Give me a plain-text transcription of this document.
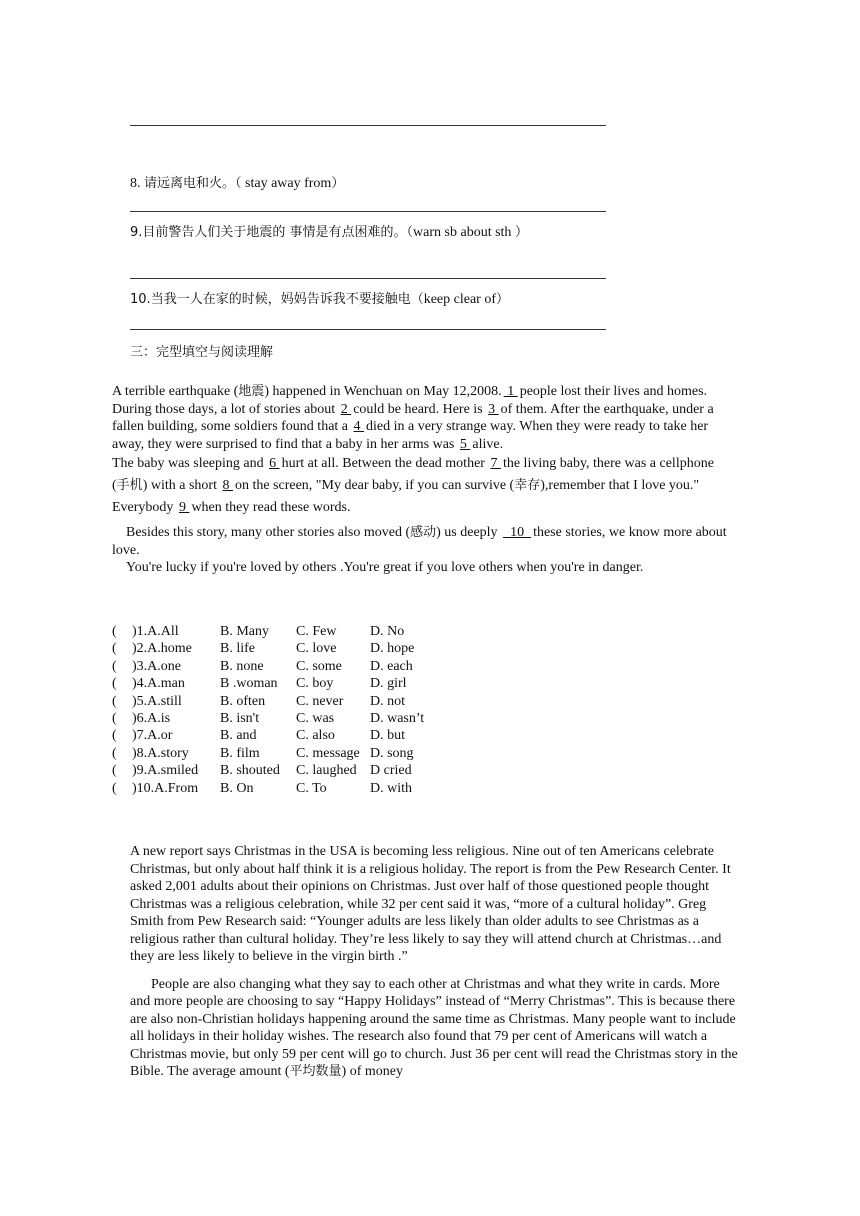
8. 请远离电和火。（ stay away from）
9.目前警告人们关于地震的 事情是有点困难的。（warn sb about sth ）
10.当我一人在家的时候，妈妈告诉我不要接触电（keep clear of）
三：完型填空与阅读理解

A terrible earthquake (地震) happened in Wenchuan on May 12,2008. 1 people lost their lives and homes. During those days, a lot of stories about 2 could be heard. Here is 3 of them. After the earthquake, under a fallen building, some soldiers found that a 4 died in a very strange way. When they were ready to take her away, they were surprised to find that a baby in her arms was 5 alive.

The baby was sleeping and 6 hurt at all. Between the dead mother 7 the living baby, there was a cellphone (手机) with a short 8 on the screen, "My dear baby, if you can survive (幸存),remember that I love you." Everybody 9 when they read these words.

Besides this story, many other stories also moved (感动) us deeply   10  these stories, we know more about love.

You're lucky if you're loved by others .You're great if you love others when you're in danger.

(	)1.A.All	B. Many	C. Few	D. No
(	)2.A.home	B. life	C. love	D. hope
(	)3.A.one	B. none	C. some	D. each
(	)4.A.man	B .woman	C. boy	D. girl
(	)5.A.still	B. often	C. never	D. not
(	)6.A.is	B. isn't	C. was	D. wasn’t
(	)7.A.or	B. and	C. also	D. but
(	)8.A.story	B. film	C. message	D. song
(	)9.A.smiled	B. shouted	C. laughed	D cried
(	)10.A.From	B. On	C. To	D. with

A new report says Christmas in the USA is becoming less religious. Nine out of ten Americans celebrate Christmas, but only about half think it is a religious holiday. The report is from the Pew Research Center. It asked 2,001 adults about their opinions on Christmas. Just over half of those questioned people thought Christmas was a religious celebration, while 32 per cent said it was, “more of a cultural holiday”. Greg Smith from Pew Research said: “Younger adults are less likely than older adults to see Christmas as a religious rather than cultural holiday. They’re less likely to say they will attend church at Christmas…and they are less likely to believe in the virgin birth .”

People are also changing what they say to each other at Christmas and what they write in cards. More and more people are choosing to say “Happy Holidays” instead of “Merry Christmas”. This is because there are also non-Christian holidays happening around the same time as Christmas. Many people want to include all holidays in their holiday wishes. The research also found that 79 per cent of Americans will watch a Christmas movie, but only 59 per cent will go to church. Just 36 per cent will read the Christmas story in the Bible. The average amount (平均数量) of money
